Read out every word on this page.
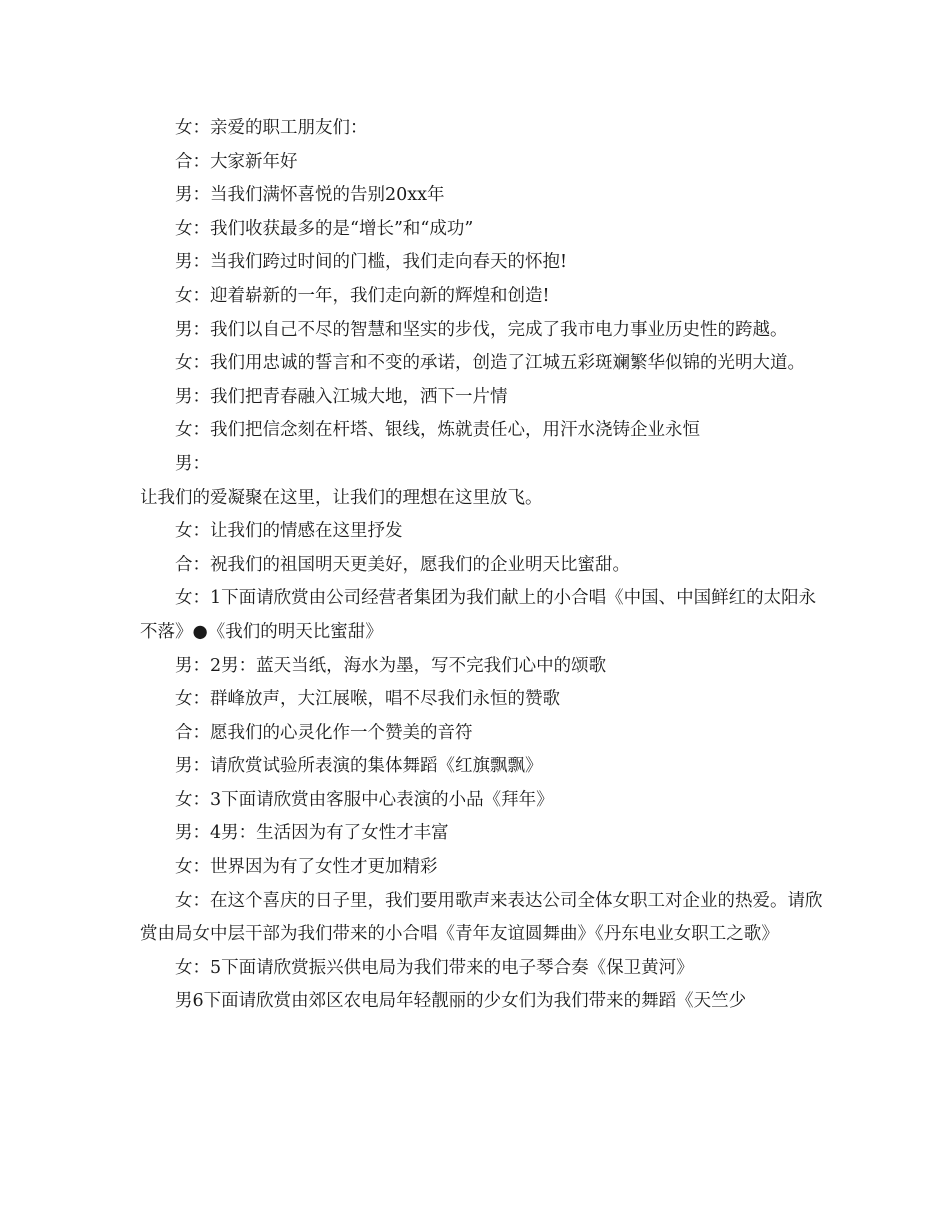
女：亲爱的职工朋友们：

合：大家新年好

男：当我们满怀喜悦的告别20xx年

女：我们收获最多的是“增长”和“成功”

男：当我们跨过时间的门槛，我们走向春天的怀抱!

女：迎着崭新的一年，我们走向新的辉煌和创造!

男：我们以自己不尽的智慧和坚实的步伐，完成了我市电力事业历史性的跨越。

女：我们用忠诚的誓言和不变的承诺，创造了江城五彩斑斓繁华似锦的光明大道。

男：我们把青春融入江城大地，洒下一片情

女：我们把信念刻在杆塔、银线，炼就责任心，用汗水浇铸企业永恒

男：

让我们的爱凝聚在这里，让我们的理想在这里放飞。

女：让我们的情感在这里抒发

合：祝我们的祖国明天更美好，愿我们的企业明天比蜜甜。

女：1下面请欣赏由公司经营者集团为我们献上的小合唱《中国、中国鲜红的太阳永不落》●《我们的明天比蜜甜》

男：2男：蓝天当纸，海水为墨，写不完我们心中的颂歌

女：群峰放声，大江展喉，唱不尽我们永恒的赞歌

合：愿我们的心灵化作一个赞美的音符

男：请欣赏试验所表演的集体舞蹈《红旗飘飘》

女：3下面请欣赏由客服中心表演的小品《拜年》

男：4男：生活因为有了女性才丰富

女：世界因为有了女性才更加精彩

女：在这个喜庆的日子里，我们要用歌声来表达公司全体女职工对企业的热爱。请欣赏由局女中层干部为我们带来的小合唱《青年友谊圆舞曲》《丹东电业女职工之歌》

女：5下面请欣赏振兴供电局为我们带来的电子琴合奏《保卫黄河》

男6下面请欣赏由郊区农电局年轻靓丽的少女们为我们带来的舞蹈《天竺少
